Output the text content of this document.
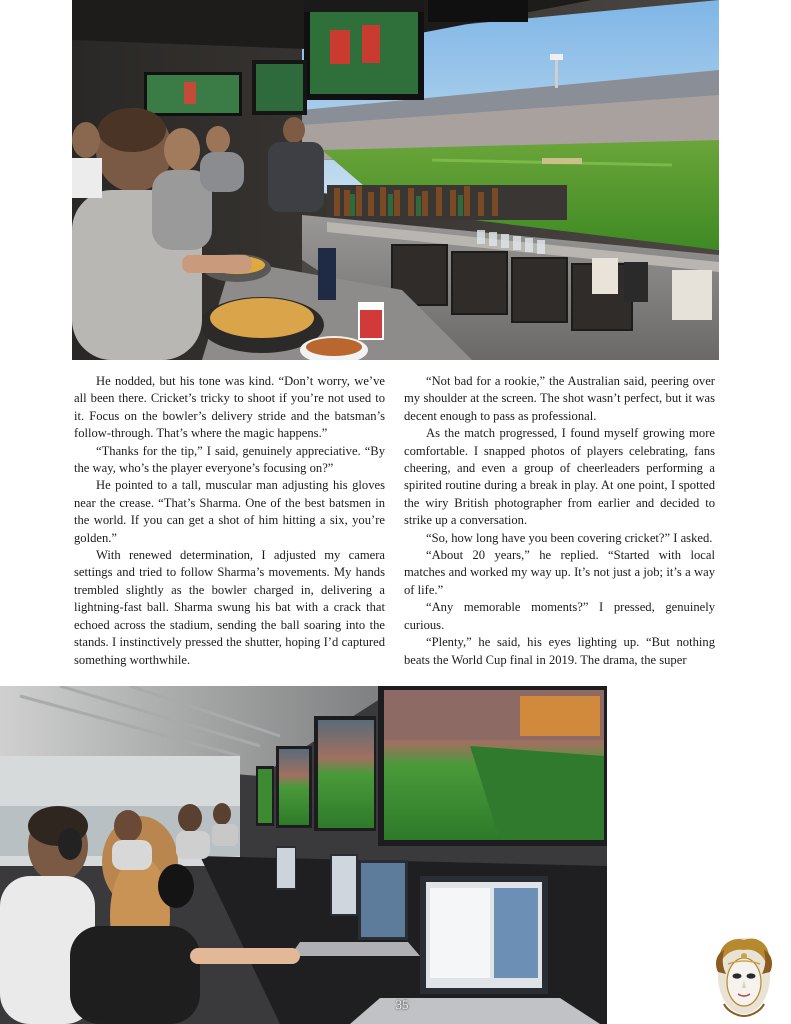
He nodded, but his tone was kind. “Don’t worry, we’ve all been there. Cricket’s tricky to shoot if you’re not used to it. Focus on the bowler’s delivery stride and the batsman’s follow-through. That’s where the magic happens.”

“Thanks for the tip,” I said, genuinely appreciative. “By the way, who’s the player everyone’s focusing on?”

He pointed to a tall, muscular man adjusting his gloves near the crease. “That’s Sharma. One of the best batsmen in the world. If you can get a shot of him hitting a six, you’re golden.”

With renewed determination, I adjusted my camera settings and tried to follow Sharma’s movements. My hands trembled slightly as the bowler charged in, delivering a lightning-fast ball. Sharma swung his bat with a crack that echoed across the stadium, sending the ball soaring into the stands. I instinctively pressed the shutter, hoping I’d captured something worthwhile.

“Not bad for a rookie,” the Australian said, peering over my shoulder at the screen. The shot wasn’t perfect, but it was decent enough to pass as professional.

As the match progressed, I found myself growing more comfortable. I snapped photos of players celebrating, fans cheering, and even a group of cheerleaders performing a spirited routine during a break in play. At one point, I spotted the wiry British photographer from earlier and decided to strike up a conversation.

“So, how long have you been covering cricket?” I asked.

“About 20 years,” he replied. “Started with local matches and worked my way up. It’s not just a job; it’s a way of life.”

“Any memorable moments?” I pressed, genuinely curious.

“Plenty,” he said, his eyes lighting up. “But nothing beats the World Cup final in 2019. The drama, the super

35
